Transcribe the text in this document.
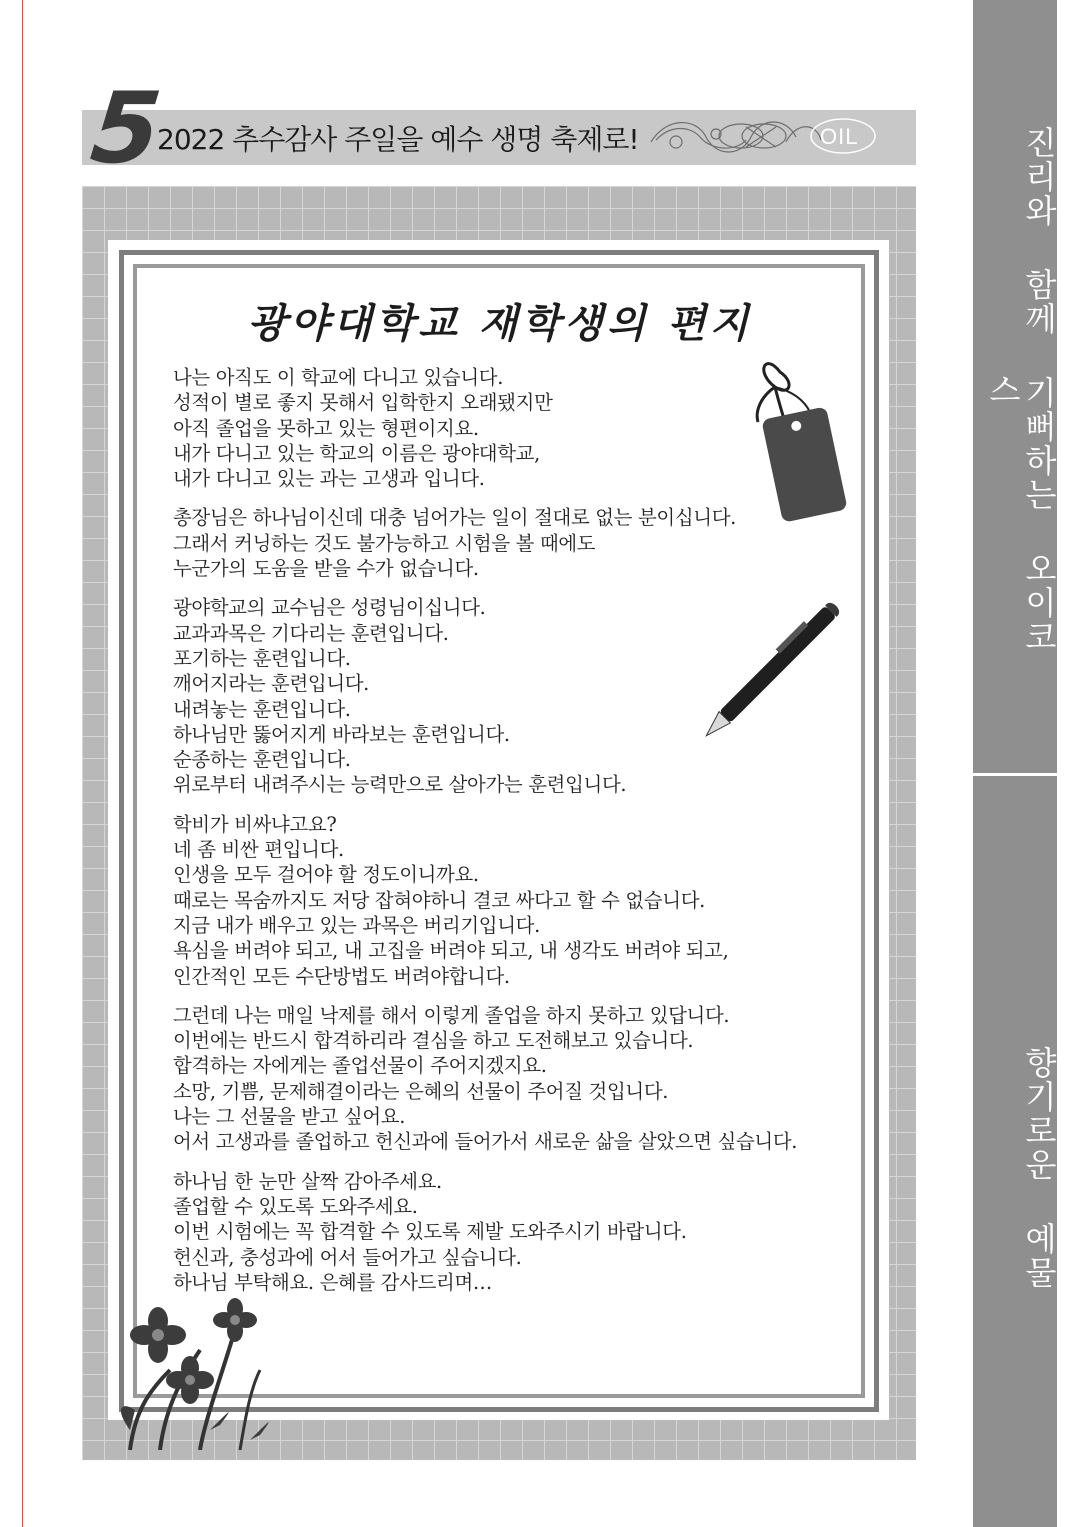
진리와 함께 기뻐하는 오이코스
향기로운 예물
5
2022 추수감사 주일을 예수 생명 축제로!	OIL
광야대학교 재학생의 편지
나는 아직도 이 학교에 다니고 있습니다.
성적이 별로 좋지 못해서 입학한지 오래됐지만
아직 졸업을 못하고 있는 형편이지요.
내가 다니고 있는 학교의 이름은 광야대학교,
내가 다니고 있는 과는 고생과 입니다.
총장님은 하나님이신데 대충 넘어가는 일이 절대로 없는 분이십니다.
그래서 커닝하는 것도 불가능하고 시험을 볼 때에도
누군가의 도움을 받을 수가 없습니다.
광야학교의 교수님은 성령님이십니다.
교과과목은 기다리는 훈련입니다.
포기하는 훈련입니다.
깨어지라는 훈련입니다.
내려놓는 훈련입니다.
하나님만 뚫어지게 바라보는 훈련입니다.
순종하는 훈련입니다.
위로부터 내려주시는 능력만으로 살아가는 훈련입니다.
학비가 비싸냐고요?
네 좀 비싼 편입니다.
인생을 모두 걸어야 할 정도이니까요.
때로는 목숨까지도 저당 잡혀야하니 결코 싸다고 할 수 없습니다.
지금 내가 배우고 있는 과목은 버리기입니다.
욕심을 버려야 되고, 내 고집을 버려야 되고, 내 생각도 버려야 되고,
인간적인 모든 수단방법도 버려야합니다.
그런데 나는 매일 낙제를 해서 이렇게 졸업을 하지 못하고 있답니다.
이번에는 반드시 합격하리라 결심을 하고 도전해보고 있습니다.
합격하는 자에게는 졸업선물이 주어지겠지요.
소망, 기쁨, 문제해결이라는 은혜의 선물이 주어질 것입니다.
나는 그 선물을 받고 싶어요.
어서 고생과를 졸업하고 헌신과에 들어가서 새로운 삶을 살았으면 싶습니다.
하나님 한 눈만 살짝 감아주세요.
졸업할 수 있도록 도와주세요.
이번 시험에는 꼭 합격할 수 있도록 제발 도와주시기 바랍니다.
헌신과, 충성과에 어서 들어가고 싶습니다.
하나님 부탁해요. 은혜를 감사드리며…
